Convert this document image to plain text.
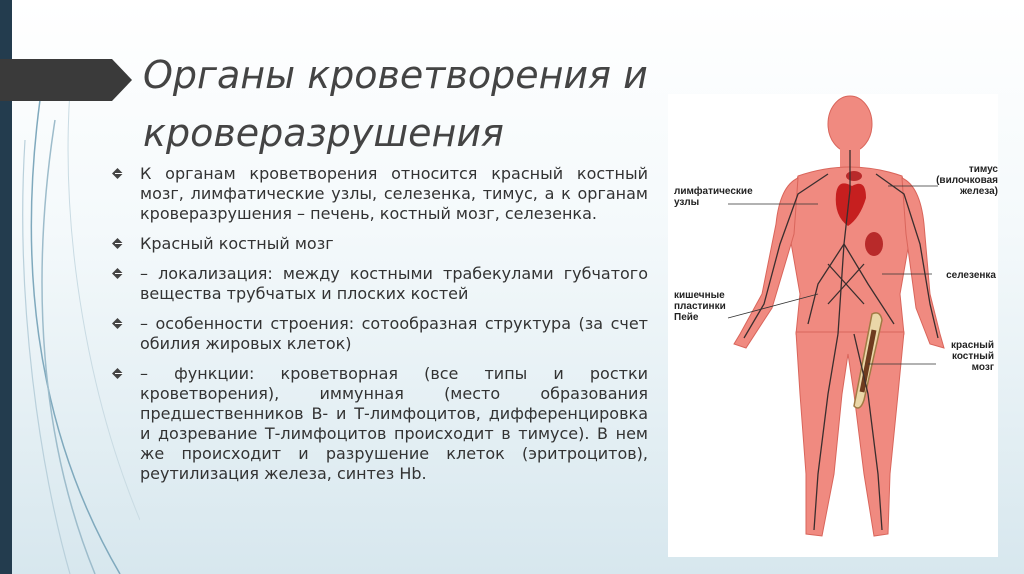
Органы кроветворения и кроверазрушения
К органам кроветворения относится красный костный мозг, лимфатические узлы, селезенка, тимус, а к органам кроверазрушения – печень, костный мозг, селезенка.
Красный костный мозг
– локализация: между костными трабекулами губчатого вещества трубчатых и плоских костей
– особенности строения: сотообразная структура (за счет обилия жировых клеток)
– функции: кроветворная (все типы и ростки кроветворения), иммунная (место образования предшественников В- и Т-лимфоцитов, дифференцировка и дозревание Т-лимфоцитов происходит в тимусе). В нем же происходит и разрушение клеток (эритроцитов), реутилизация железа, синтез Hb.
лимфатические узлы
тимус (вилочковая железа)
селезенка
кишечные пластинки Пейе
красный костный мозг
